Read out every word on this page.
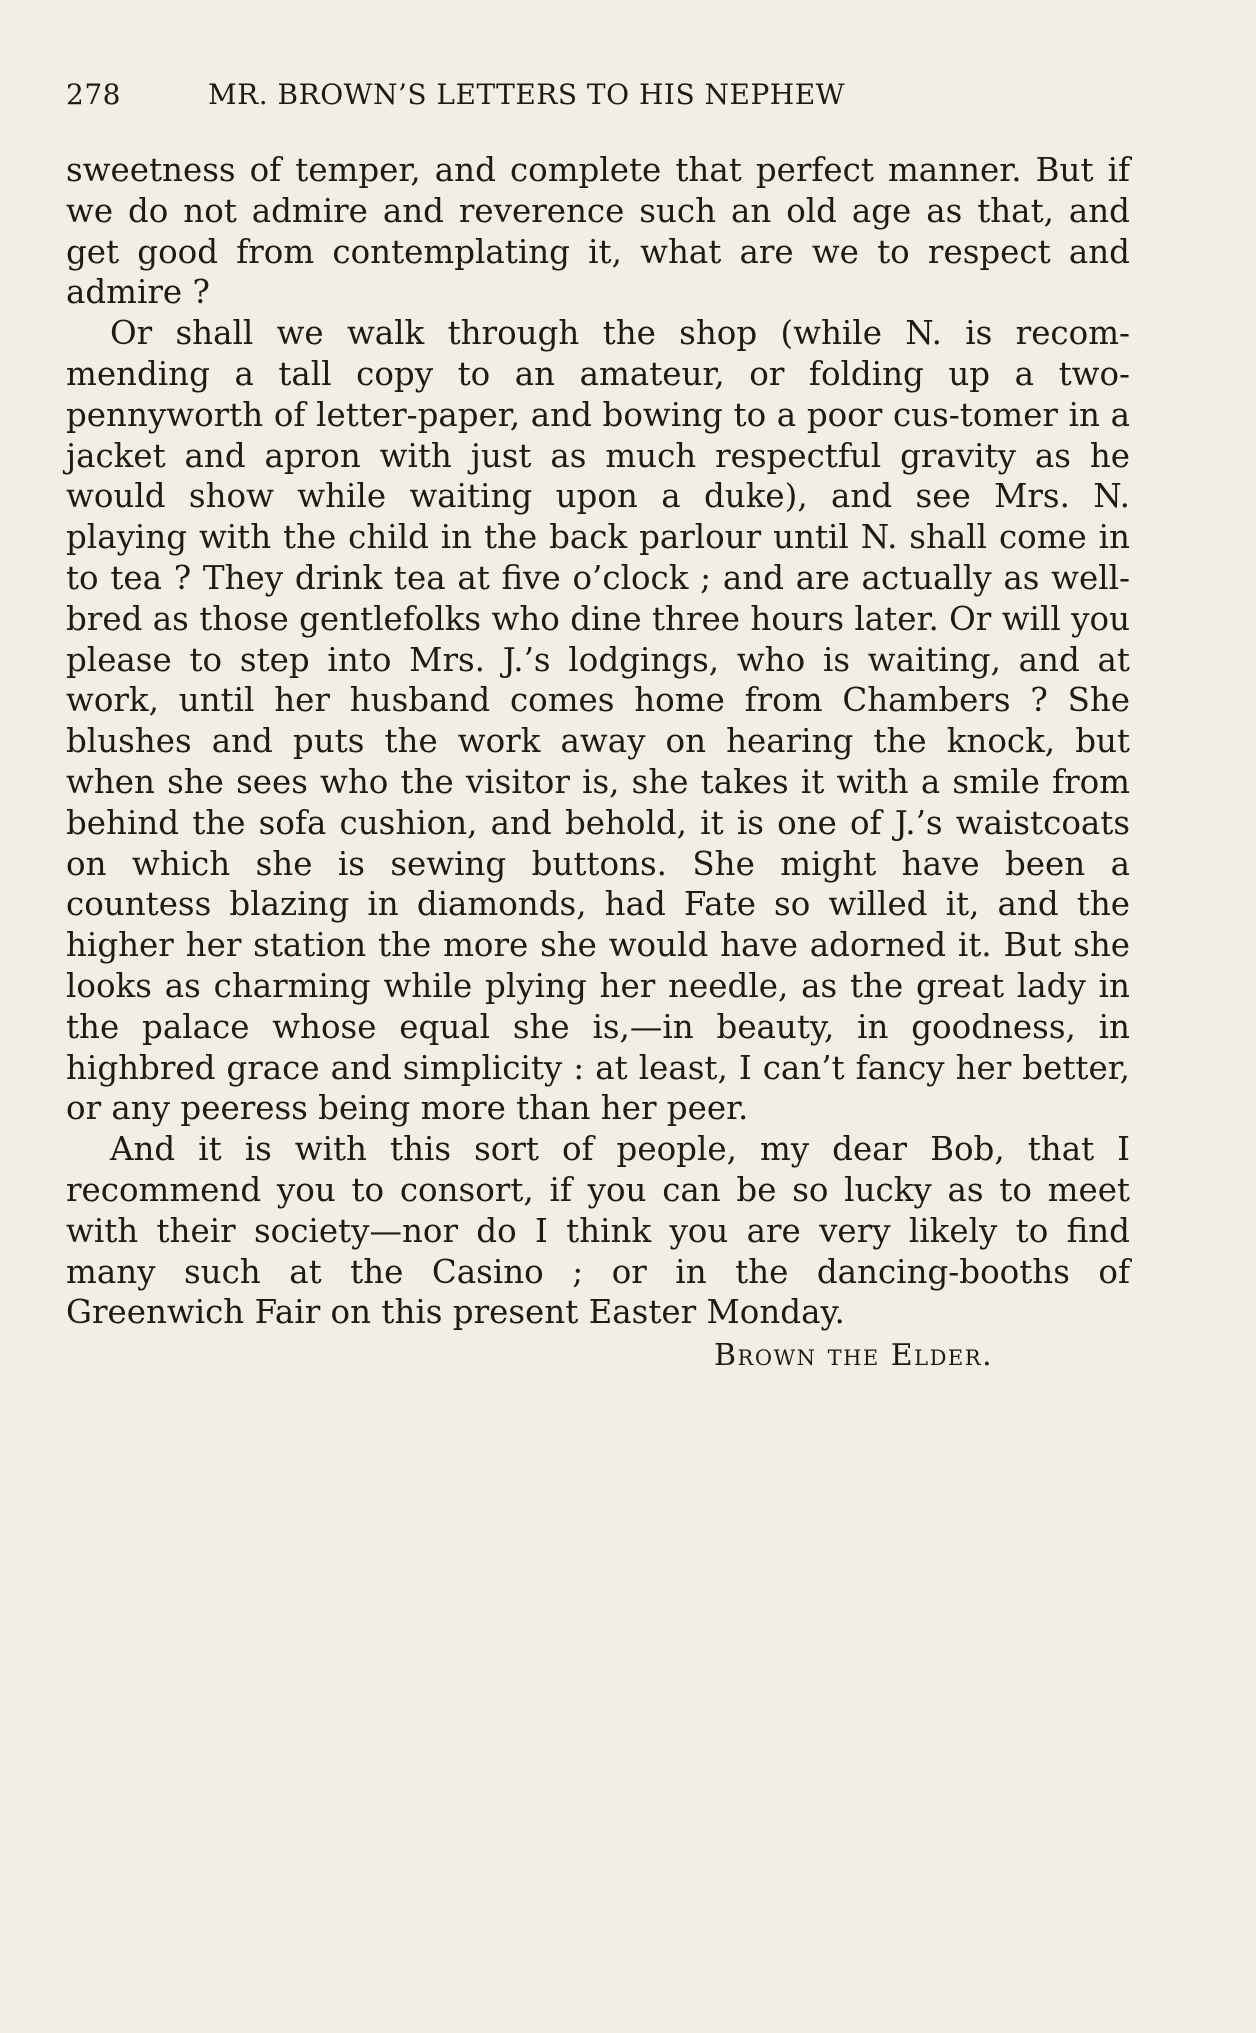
278	MR. BROWN’S LETTERS TO HIS NEPHEW

sweetness of temper, and complete that perfect manner. But if we do not admire and reverence such an old age as that, and get good from contemplating it, what are we to respect and admire ?

Or shall we walk through the shop (while N. is recom-mending a tall copy to an amateur, or folding up a two-pennyworth of letter-paper, and bowing to a poor cus-tomer in a jacket and apron with just as much respectful gravity as he would show while waiting upon a duke), and see Mrs. N. playing with the child in the back parlour until N. shall come in to tea ? They drink tea at five o’clock ; and are actually as well-bred as those gentlefolks who dine three hours later. Or will you please to step into Mrs. J.’s lodgings, who is waiting, and at work, until her husband comes home from Chambers ? She blushes and puts the work away on hearing the knock, but when she sees who the visitor is, she takes it with a smile from behind the sofa cushion, and behold, it is one of J.’s waistcoats on which she is sewing buttons. She might have been a countess blazing in diamonds, had Fate so willed it, and the higher her station the more she would have adorned it. But she looks as charming while plying her needle, as the great lady in the palace whose equal she is,—in beauty, in goodness, in highbred grace and simplicity : at least, I can’t fancy her better, or any peeress being more than her peer.

And it is with this sort of people, my dear Bob, that I recommend you to consort, if you can be so lucky as to meet with their society—nor do I think you are very likely to find many such at the Casino ; or in the dancing-booths of Greenwich Fair on this present Easter Monday.

Brown the Elder.
